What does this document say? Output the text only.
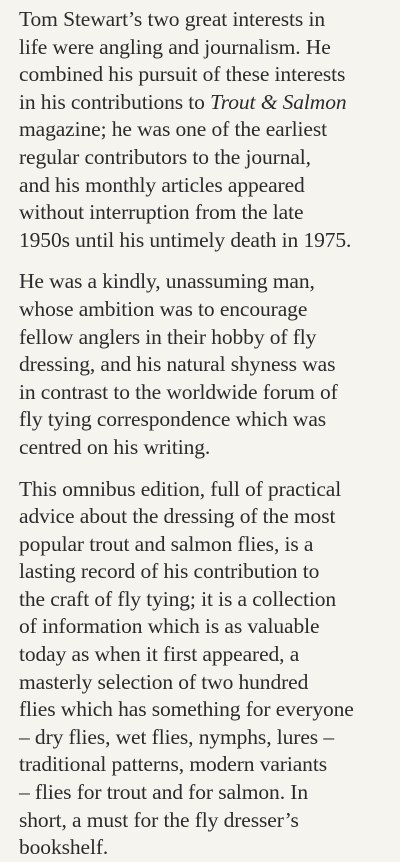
Tom Stewart’s two great interests in
life were angling and journalism. He
combined his pursuit of these interests
in his contributions to Trout & Salmon
magazine; he was one of the earliest
regular contributors to the journal,
and his monthly articles appeared
without interruption from the late
1950s until his untimely death in 1975.

He was a kindly, unassuming man,
whose ambition was to encourage
fellow anglers in their hobby of fly
dressing, and his natural shyness was
in contrast to the worldwide forum of
fly tying correspondence which was
centred on his writing.

This omnibus edition, full of practical
advice about the dressing of the most
popular trout and salmon flies, is a
lasting record of his contribution to
the craft of fly tying; it is a collection
of information which is as valuable
today as when it first appeared, a
masterly selection of two hundred
flies which has something for everyone
– dry flies, wet flies, nymphs, lures –
traditional patterns, modern variants
– flies for trout and for salmon. In
short, a must for the fly dresser’s
bookshelf.
